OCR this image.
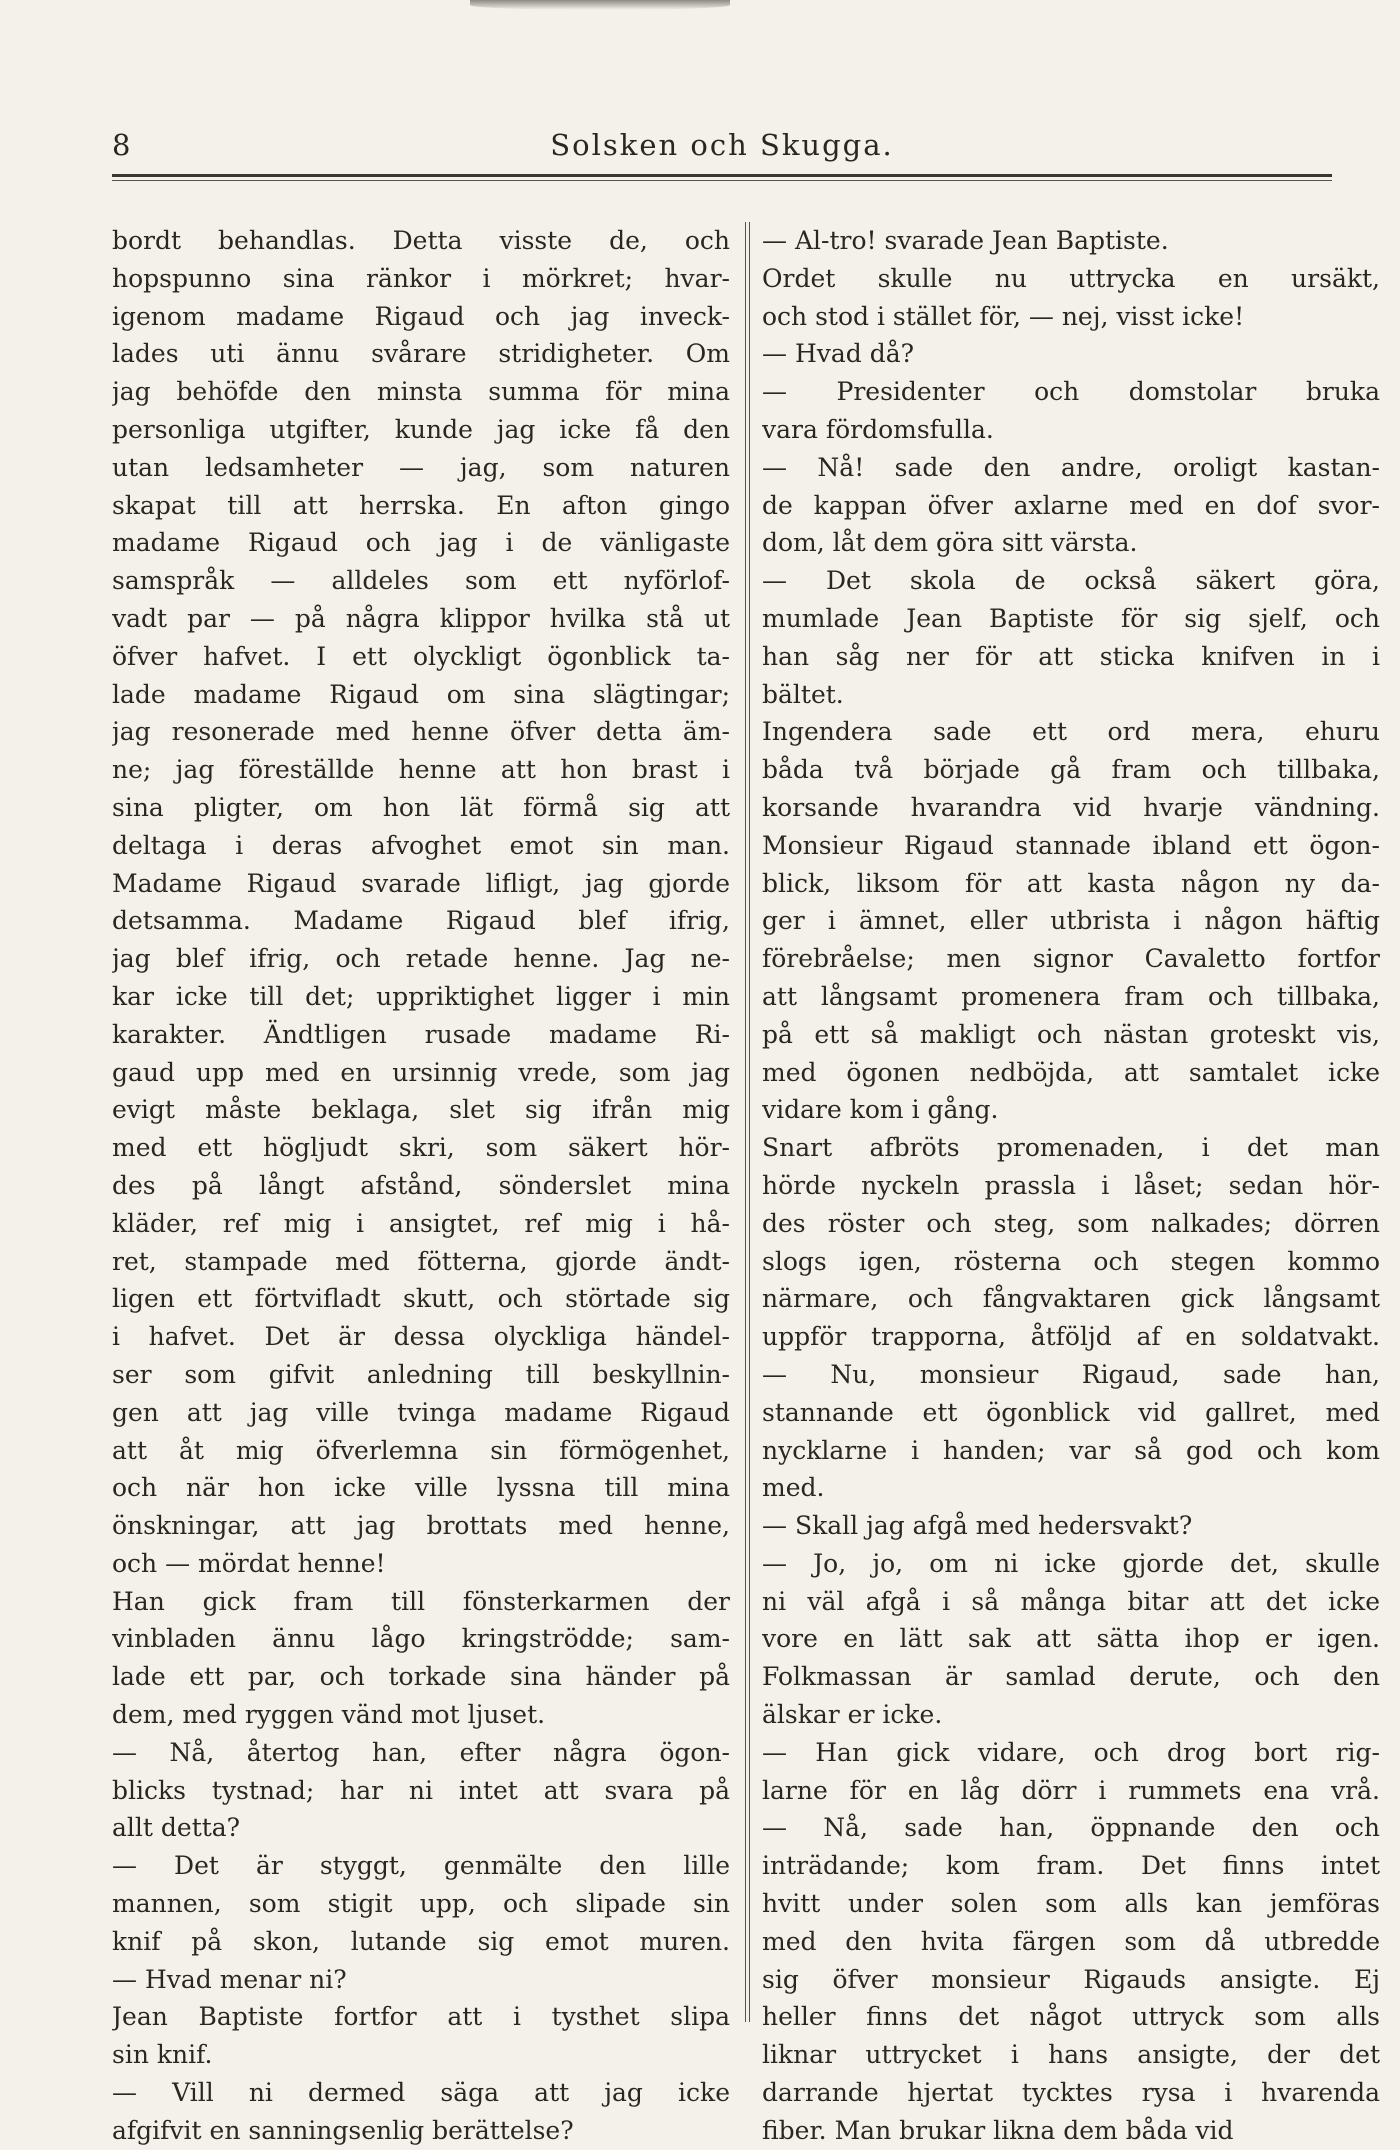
8	Solsken och Skugga.
bordt behandlas. Detta visste de, och
hopspunno sina ränkor i mörkret; hvar-
igenom madame Rigaud och jag inveck-
lades uti ännu svårare stridigheter. Om
jag behöfde den minsta summa för mina
personliga utgifter, kunde jag icke få den
utan ledsamheter — jag, som naturen
skapat till att herrska. En afton gingo
madame Rigaud och jag i de vänligaste
samspråk — alldeles som ett nyförlof-
vadt par — på några klippor hvilka stå ut
öfver hafvet. I ett olyckligt ögonblick ta-
lade madame Rigaud om sina slägtingar;
jag resonerade med henne öfver detta äm-
ne; jag föreställde henne att hon brast i
sina pligter, om hon lät förmå sig att
deltaga i deras afvoghet emot sin man.
Madame Rigaud svarade lifligt, jag gjorde
detsamma. Madame Rigaud blef ifrig,
jag blef ifrig, och retade henne. Jag ne-
kar icke till det; uppriktighet ligger i min
karakter. Ändtligen rusade madame Ri-
gaud upp med en ursinnig vrede, som jag
evigt måste beklaga, slet sig ifrån mig
med ett högljudt skri, som säkert hör-
des på långt afstånd, sönderslet mina
kläder, ref mig i ansigtet, ref mig i hå-
ret, stampade med fötterna, gjorde ändt-
ligen ett förtvifladt skutt, och störtade sig
i hafvet. Det är dessa olyckliga händel-
ser som gifvit anledning till beskyllnin-
gen att jag ville tvinga madame Rigaud
att åt mig öfverlemna sin förmögenhet,
och när hon icke ville lyssna till mina
önskningar, att jag brottats med henne,
och — mördat henne!
Han gick fram till fönsterkarmen der
vinbladen ännu lågo kringströdde; sam-
lade ett par, och torkade sina händer på
dem, med ryggen vänd mot ljuset.
— Nå, återtog han, efter några ögon-
blicks tystnad; har ni intet att svara på
allt detta?
— Det är styggt, genmälte den lille
mannen, som stigit upp, och slipade sin
knif på skon, lutande sig emot muren.
— Hvad menar ni?
Jean Baptiste fortfor att i tysthet slipa
sin knif.
— Vill ni dermed säga att jag icke
afgifvit en sanningsenlig berättelse?
— Al-tro! svarade Jean Baptiste.
Ordet skulle nu uttrycka en ursäkt,
och stod i stället för, — nej, visst icke!
— Hvad då?
— Presidenter och domstolar bruka
vara fördomsfulla.
— Nå! sade den andre, oroligt kastan-
de kappan öfver axlarne med en dof svor-
dom, låt dem göra sitt värsta.
— Det skola de också säkert göra,
mumlade Jean Baptiste för sig sjelf, och
han såg ner för att sticka knifven in i
bältet.
Ingendera sade ett ord mera, ehuru
båda två började gå fram och tillbaka,
korsande hvarandra vid hvarje vändning.
Monsieur Rigaud stannade ibland ett ögon-
blick, liksom för att kasta någon ny da-
ger i ämnet, eller utbrista i någon häftig
förebråelse; men signor Cavaletto fortfor
att långsamt promenera fram och tillbaka,
på ett så makligt och nästan groteskt vis,
med ögonen nedböjda, att samtalet icke
vidare kom i gång.
Snart afbröts promenaden, i det man
hörde nyckeln prassla i låset; sedan hör-
des röster och steg, som nalkades; dörren
slogs igen, rösterna och stegen kommo
närmare, och fångvaktaren gick långsamt
uppför trapporna, åtföljd af en soldatvakt.
— Nu, monsieur Rigaud, sade han,
stannande ett ögonblick vid gallret, med
nycklarne i handen; var så god och kom
med.
— Skall jag afgå med hedersvakt?
— Jo, jo, om ni icke gjorde det, skulle
ni väl afgå i så många bitar att det icke
vore en lätt sak att sätta ihop er igen.
Folkmassan är samlad derute, och den
älskar er icke.
— Han gick vidare, och drog bort rig-
larne för en låg dörr i rummets ena vrå.
— Nå, sade han, öppnande den och
inträdande; kom fram. Det finns intet
hvitt under solen som alls kan jemföras
med den hvita färgen som då utbredde
sig öfver monsieur Rigauds ansigte. Ej
heller finns det något uttryck som alls
liknar uttrycket i hans ansigte, der det
darrande hjertat tycktes rysa i hvarenda
fiber. Man brukar likna dem båda vid
